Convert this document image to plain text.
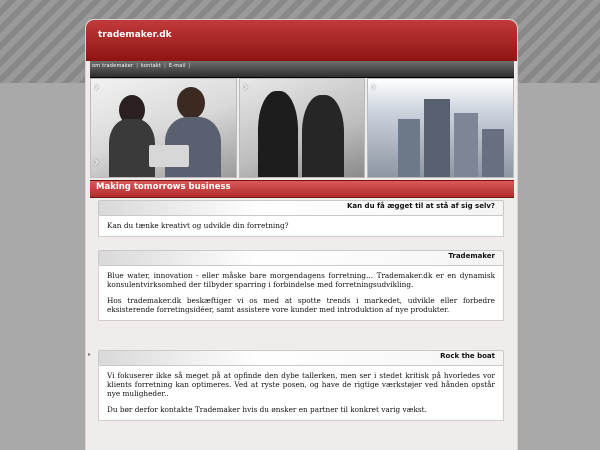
trademaker.dk
om trademaker | kontakt | E-mail |
›
›
›	›
Making tomorrows business
Kan du få ægget til at stå af sig selv?

Kan du tænke kreativt og udvikle din forretning?

Trademaker

Blue water, innovation - eller måske bare morgendagens forretning... Trademaker.dk er en dynamisk konsulentvirksomhed der tilbyder sparring i forbindelse med forretningsudvikling.

Hos trademaker.dk beskæftiger vi os med at spotte trends i markedet, udvikle eller forbedre eksisterende forretingsidéer, samt assistere vore kunder med introduktion af nye produkter.

Rock the boat

Vi fokuserer ikke så meget på at opfinde den dybe tallerken, men ser i stedet kritisk på hvorledes vor klients forretning kan optimeres. Ved at ryste posen, og have de rigtige værkstøjer ved hånden opstår nye muligheder..

Du bør derfor kontakte Trademaker hvis du ønsker en partner til konkret varig vækst.

▸
